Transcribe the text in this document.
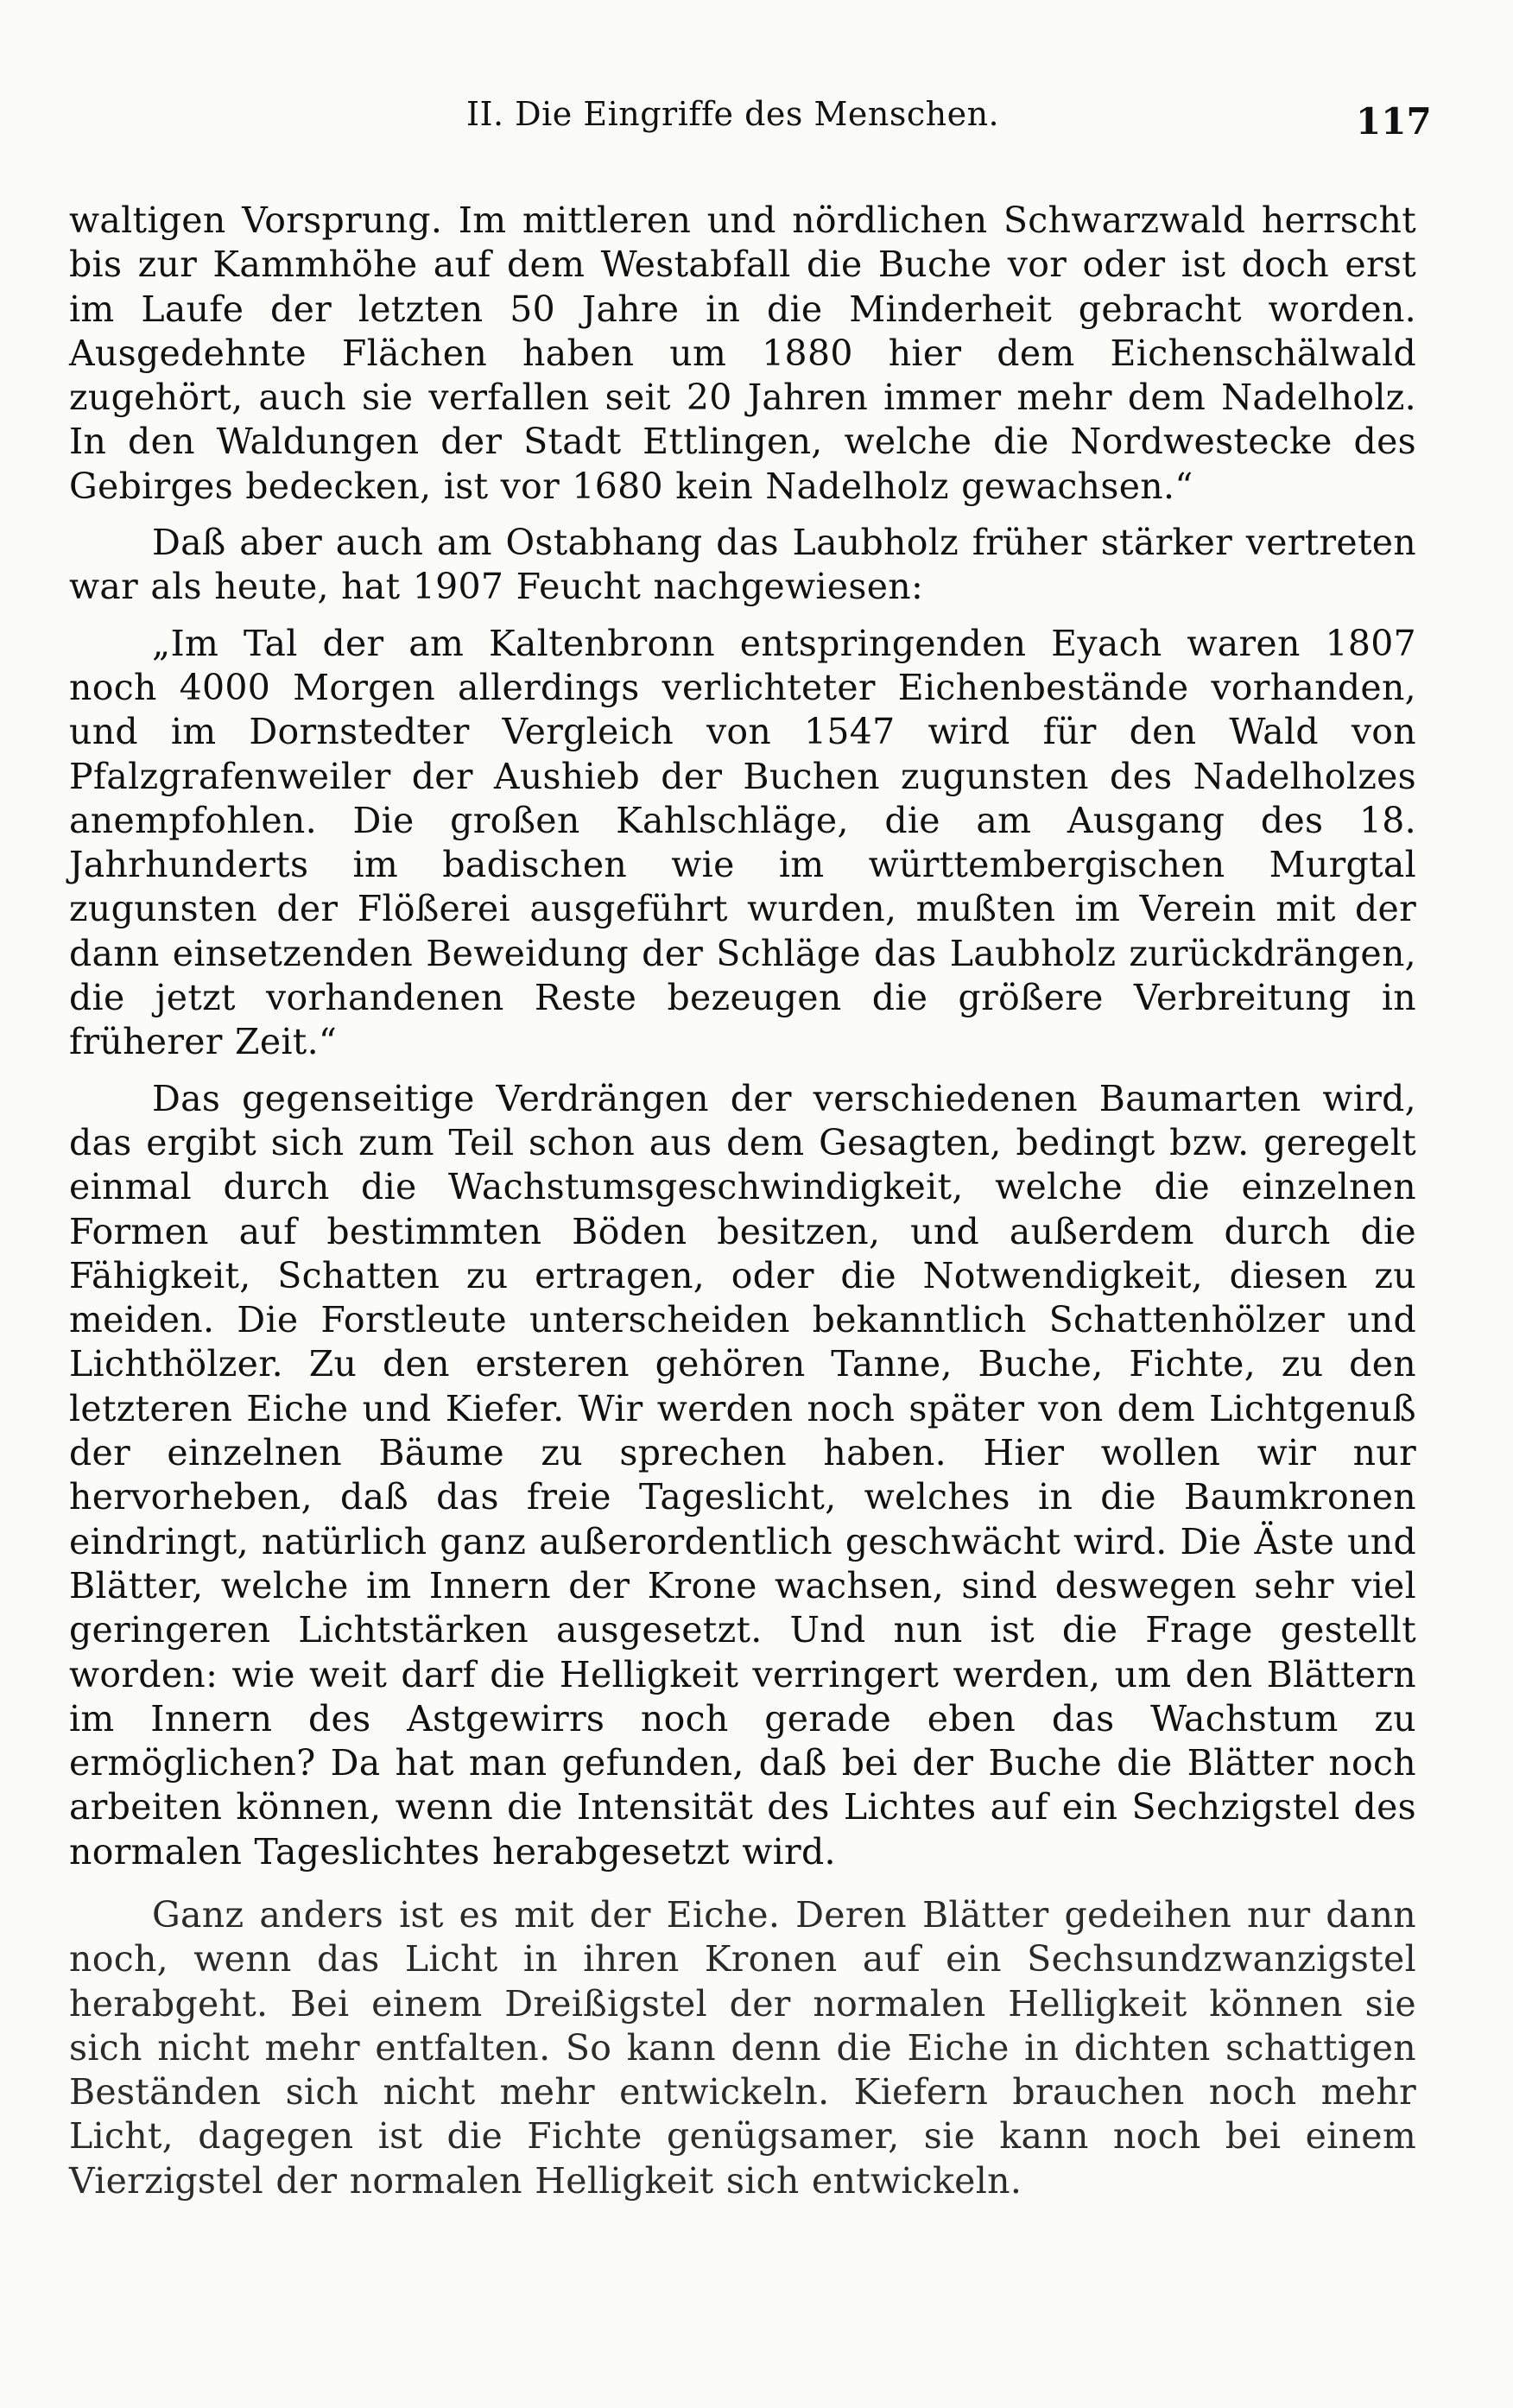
II. Die Eingriffe des Menschen.	117

waltigen Vorsprung. Im mittleren und nördlichen Schwarzwald herrscht bis zur Kammhöhe auf dem Westabfall die Buche vor oder ist doch erst im Laufe der letzten 50 Jahre in die Minderheit gebracht worden. Ausgedehnte Flächen haben um 1880 hier dem Eichenschälwald zugehört, auch sie verfallen seit 20 Jahren immer mehr dem Nadelholz. In den Waldungen der Stadt Ettlingen, welche die Nordwestecke des Gebirges bedecken, ist vor 1680 kein Nadelholz gewachsen.“

Daß aber auch am Ostabhang das Laubholz früher stärker vertreten war als heute, hat 1907 Feucht nachgewiesen:

„Im Tal der am Kaltenbronn entspringenden Eyach waren 1807 noch 4000 Morgen allerdings verlichteter Eichenbestände vorhanden, und im Dornstedter Vergleich von 1547 wird für den Wald von Pfalzgrafenweiler der Aushieb der Buchen zugunsten des Nadelholzes anempfohlen. Die großen Kahlschläge, die am Ausgang des 18. Jahrhunderts im badischen wie im württembergischen Murgtal zugunsten der Flößerei ausgeführt wurden, mußten im Verein mit der dann einsetzenden Beweidung der Schläge das Laubholz zurückdrängen, die jetzt vorhandenen Reste bezeugen die größere Verbreitung in früherer Zeit.“

Das gegenseitige Verdrängen der verschiedenen Baumarten wird, das ergibt sich zum Teil schon aus dem Gesagten, bedingt bzw. geregelt einmal durch die Wachstumsgeschwindigkeit, welche die einzelnen Formen auf bestimmten Böden besitzen, und außerdem durch die Fähigkeit, Schatten zu ertragen, oder die Notwendigkeit, diesen zu meiden. Die Forstleute unterscheiden bekanntlich Schattenhölzer und Lichthölzer. Zu den ersteren gehören Tanne, Buche, Fichte, zu den letzteren Eiche und Kiefer. Wir werden noch später von dem Lichtgenuß der einzelnen Bäume zu sprechen haben. Hier wollen wir nur hervorheben, daß das freie Tageslicht, welches in die Baumkronen eindringt, natürlich ganz außerordentlich geschwächt wird. Die Äste und Blätter, welche im Innern der Krone wachsen, sind deswegen sehr viel geringeren Lichtstärken ausgesetzt. Und nun ist die Frage gestellt worden: wie weit darf die Helligkeit verringert werden, um den Blättern im Innern des Astgewirrs noch gerade eben das Wachstum zu ermöglichen? Da hat man gefunden, daß bei der Buche die Blätter noch arbeiten können, wenn die Intensität des Lichtes auf ein Sechzigstel des normalen Tageslichtes herabgesetzt wird.

Ganz anders ist es mit der Eiche. Deren Blätter gedeihen nur dann noch, wenn das Licht in ihren Kronen auf ein Sechsundzwanzigstel herabgeht. Bei einem Dreißigstel der normalen Helligkeit können sie sich nicht mehr entfalten. So kann denn die Eiche in dichten schattigen Beständen sich nicht mehr entwickeln. Kiefern brauchen noch mehr Licht, dagegen ist die Fichte genügsamer, sie kann noch bei einem Vierzigstel der normalen Helligkeit sich entwickeln.
